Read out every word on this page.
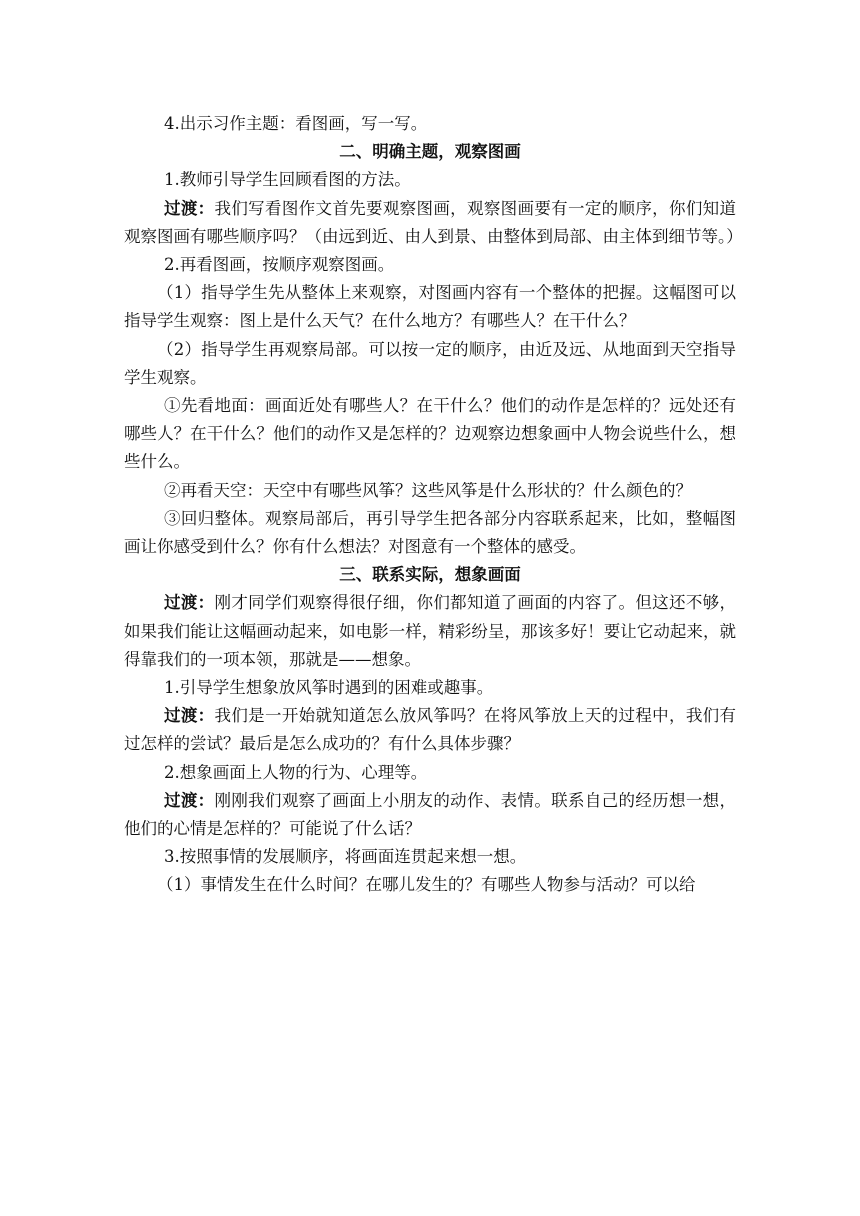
4.出示习作主题：看图画，写一写。

二、明确主题，观察图画

1.教师引导学生回顾看图的方法。

过渡：我们写看图作文首先要观察图画，观察图画要有一定的顺序，你们知道观察图画有哪些顺序吗？（由远到近、由人到景、由整体到局部、由主体到细节等。）

2.再看图画，按顺序观察图画。

（1）指导学生先从整体上来观察，对图画内容有一个整体的把握。这幅图可以指导学生观察：图上是什么天气？在什么地方？有哪些人？在干什么？

（2）指导学生再观察局部。可以按一定的顺序，由近及远、从地面到天空指导学生观察。

①先看地面：画面近处有哪些人？在干什么？他们的动作是怎样的？远处还有哪些人？在干什么？他们的动作又是怎样的？边观察边想象画中人物会说些什么，想些什么。

②再看天空：天空中有哪些风筝？这些风筝是什么形状的？什么颜色的？

③回归整体。观察局部后，再引导学生把各部分内容联系起来，比如，整幅图画让你感受到什么？你有什么想法？对图意有一个整体的感受。

三、联系实际，想象画面

过渡：刚才同学们观察得很仔细，你们都知道了画面的内容了。但这还不够，如果我们能让这幅画动起来，如电影一样，精彩纷呈，那该多好！要让它动起来，就得靠我们的一项本领，那就是——想象。

1.引导学生想象放风筝时遇到的困难或趣事。

过渡：我们是一开始就知道怎么放风筝吗？在将风筝放上天的过程中，我们有过怎样的尝试？最后是怎么成功的？有什么具体步骤？

2.想象画面上人物的行为、心理等。

过渡：刚刚我们观察了画面上小朋友的动作、表情。联系自己的经历想一想，他们的心情是怎样的？可能说了什么话？

3.按照事情的发展顺序，将画面连贯起来想一想。

（1）事情发生在什么时间？在哪儿发生的？有哪些人物参与活动？可以给
